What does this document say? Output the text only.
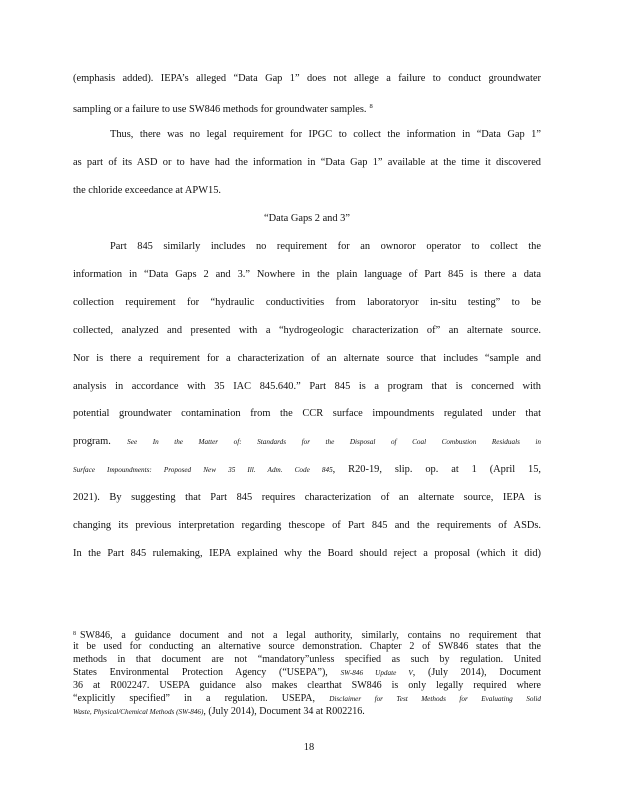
(emphasis added). IEPA’s alleged “Data Gap 1” does not allege a failure to conduct groundwater
sampling or a failure to use SW846 methods for groundwater samples. $^8$
Thus, there was no legal requirement for IPGC to collect the information in “Data Gap 1”
as part of its ASD or to have had the information in “Data Gap 1” available at the time it discovered
the chloride exceedance at APW15.
“Data Gaps 2 and 3”
Part 845 similarly includes no requirement for an ownoror operator to collect the
information in “Data Gaps 2 and 3.” Nowhere in the plain language of Part 845 is there a data
collection requirement for “hydraulic conductivities from laboratoryor in-situ testing” to be
collected, analyzed and presented with a “hydrogeologic characterization of” an alternate source.
Nor is there a requirement for a characterization of an alternate source that includes “sample and
analysis in accordance with 35 IAC 845.640.” Part 845 is a program that is concerned with
potential groundwater contamination from the CCR surface impoundments regulated under that
program. See In the Matter of: Standards for the Disposal of Coal Combustion Residuals in
Surface Impoundments: Proposed New 35 Ill. Adm. Code 845, R20-19, slip. op. at 1 (April 15,
2021). By suggesting that Part 845 requires characterization of an alternate source, IEPA is
changing its previous interpretation regarding thescope of Part 845 and the requirements of ASDs.
In the Part 845 rulemaking, IEPA explained why the Board should reject a proposal (which it did)
$^8$ SW846, a guidance document and not a legal authority, similarly, contains no requirement that
it be used for conducting an alternative source demonstration. Chapter 2 of SW846 states that the
methods in that document are not “mandatory”unless specified as such by regulation. United
States Environmental Protection Agency (“USEPA”), SW-846 Update V, (July 2014), Document
36 at R002247. USEPA guidance also makes clearthat SW846 is only legally required where
“explicitly specified” in a regulation. USEPA, Disclaimer for Test Methods for Evaluating Solid
Waste, Physical/Chemical Methods (SW-846), (July 2014), Document 34 at R002216.
18
